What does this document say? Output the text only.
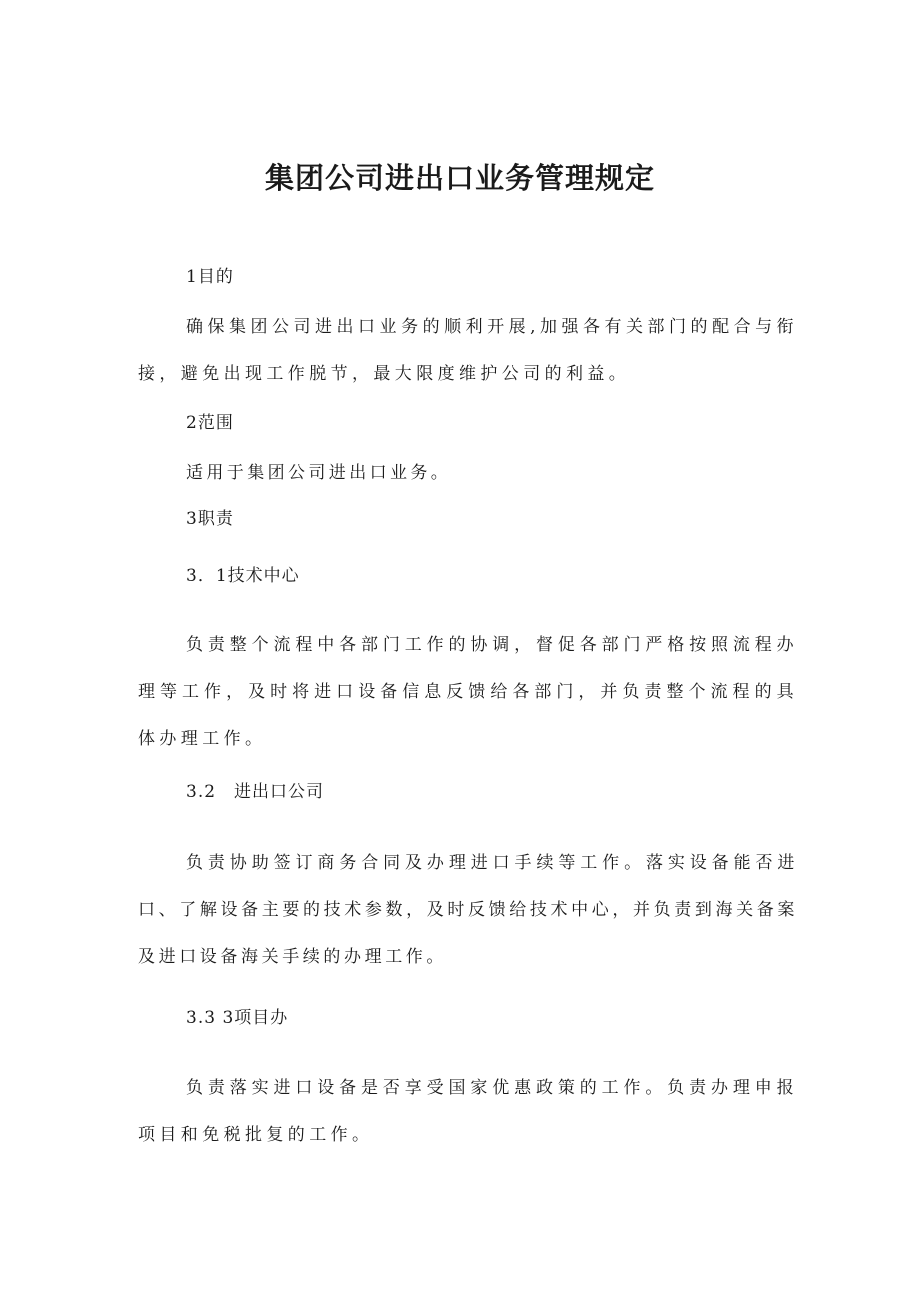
集团公司进出口业务管理规定

1目的

确保集团公司进出口业务的顺利开展,加强各有关部门的配合与衔接，避免出现工作脱节，最大限度维护公司的利益。

2范围

适用于集团公司进出口业务。

3职责

3．1技术中心

负责整个流程中各部门工作的协调，督促各部门严格按照流程办理等工作，及时将进口设备信息反馈给各部门，并负责整个流程的具体办理工作。

3.2　进出口公司

负责协助签订商务合同及办理进口手续等工作。落实设备能否进口、了解设备主要的技术参数，及时反馈给技术中心，并负责到海关备案及进口设备海关手续的办理工作。

3.3 3项目办

负责落实进口设备是否享受国家优惠政策的工作。负责办理申报项目和免税批复的工作。
